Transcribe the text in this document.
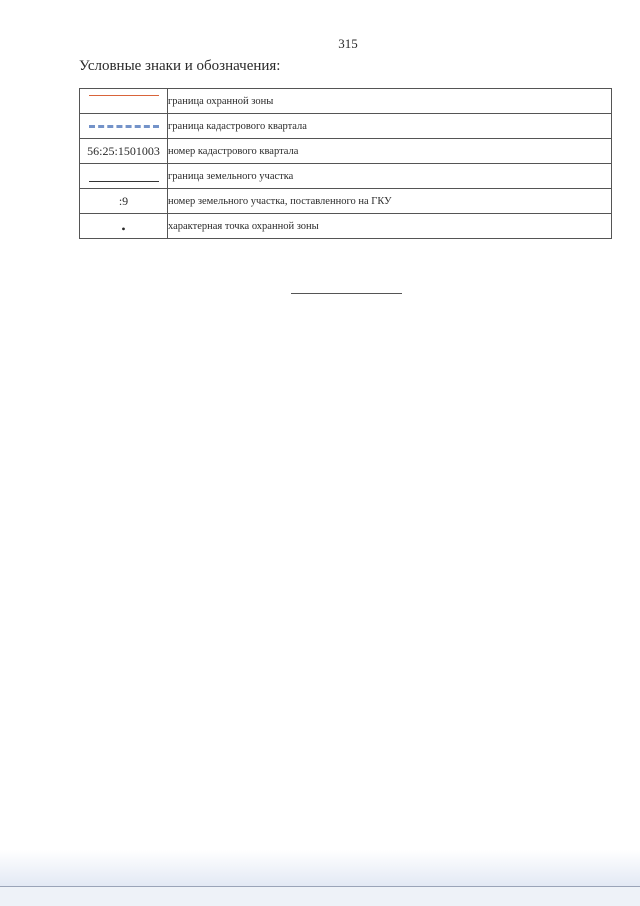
315
Условные знаки и обозначения:
	граница охранной зоны
	граница кадастрового квартала
56:25:1501003	номер кадастрового квартала
	граница земельного участка
:9	номер земельного участка, поставленного на ГКУ
•	характерная точка охранной зоны
